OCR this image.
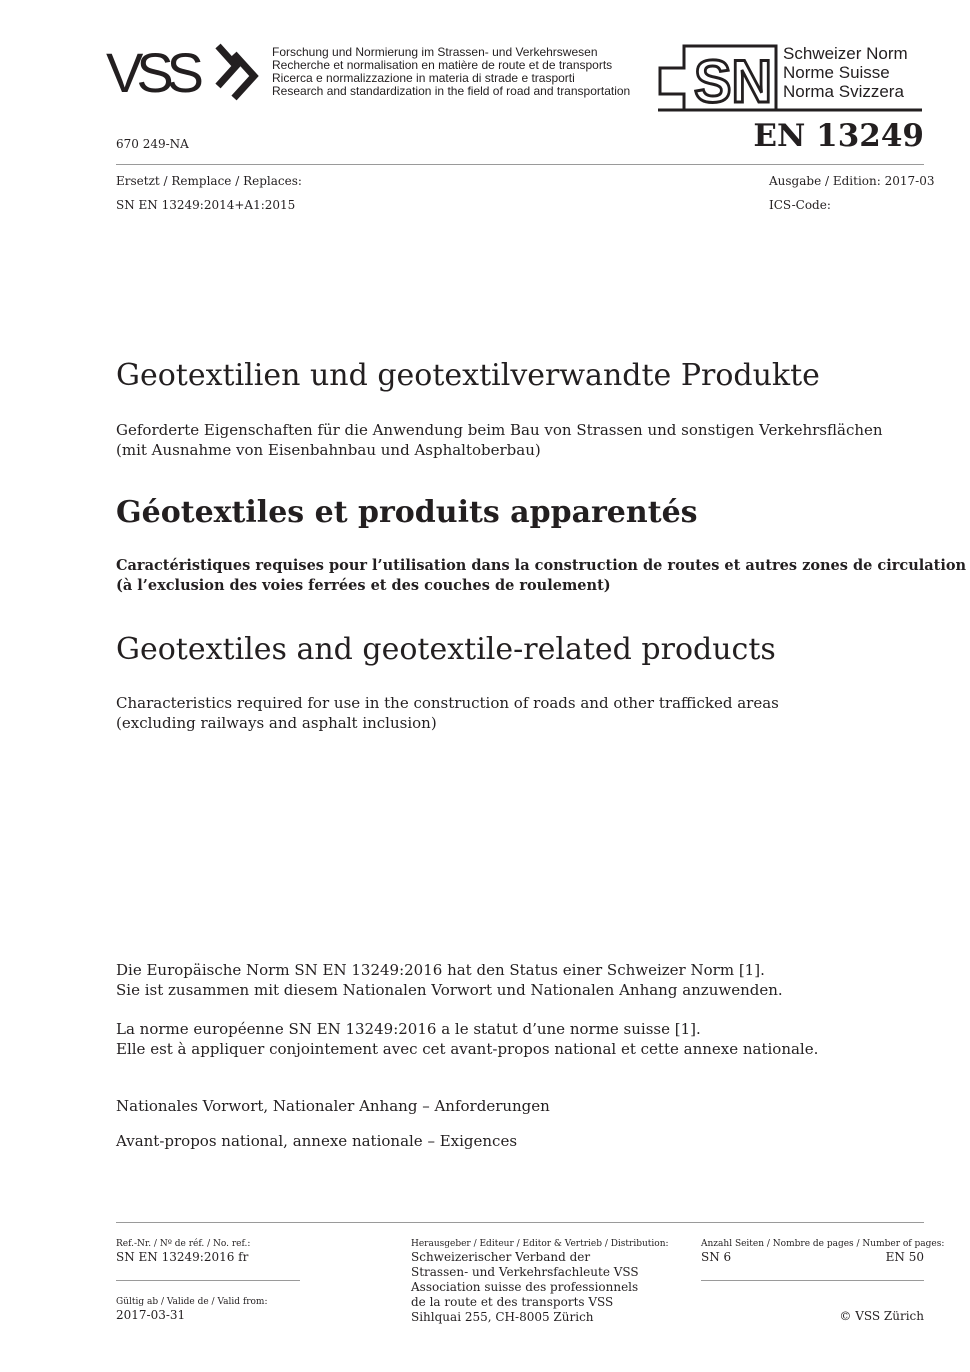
VSS	Forschung und Normierung im Strassen- und Verkehrswesen
Recherche et normalisation en matière de route et de transports
Ricerca e normalizzazione in materia di strade e trasporti
Research and standardization in the field of road and transportation SN Schweizer Norm
Norme Suisse
Norma Svizzera
670 249-NA	EN 13249
Ersetzt / Remplace / Replaces:
SN EN 13249:2014+A1:2015
Ausgabe / Edition: 2017-03
ICS-Code:
Geotextilien und geotextilverwandte Produkte
Geforderte Eigenschaften für die Anwendung beim Bau von Strassen und sonstigen Verkehrsflächen
(mit Ausnahme von Eisenbahnbau und Asphaltoberbau)
Géotextiles et produits apparentés
Caractéristiques requises pour l’utilisation dans la construction de routes et autres zones de circulation
(à l’exclusion des voies ferrées et des couches de roulement)
Geotextiles and geotextile-related products
Characteristics required for use in the construction of roads and other trafficked areas
(excluding railways and asphalt inclusion)
Die Europäische Norm SN EN 13249:2016 hat den Status einer Schweizer Norm [1].
Sie ist zusammen mit diesem Nationalen Vorwort und Nationalen Anhang anzuwenden.
La norme européenne SN EN 13249:2016 a le statut d’une norme suisse [1].
Elle est à appliquer conjointement avec cet avant-propos national et cette annexe nationale.
Nationales Vorwort, Nationaler Anhang – Anforderungen
Avant-propos national, annexe nationale – Exigences
Ref.-Nr. / Nº de réf. / No. ref.:
SN EN 13249:2016 fr
Gültig ab / Valide de / Valid from:
2017-03-31
Herausgeber / Editeur / Editor & Vertrieb / Distribution:
Schweizerischer Verband der
Strassen- und Verkehrsfachleute VSS
Association suisse des professionnels
de la route et des transports VSS
Sihlquai 255, CH-8005 Zürich
Anzahl Seiten / Nombre de pages / Number of pages:
SN 6	EN 50
© VSS Zürich
